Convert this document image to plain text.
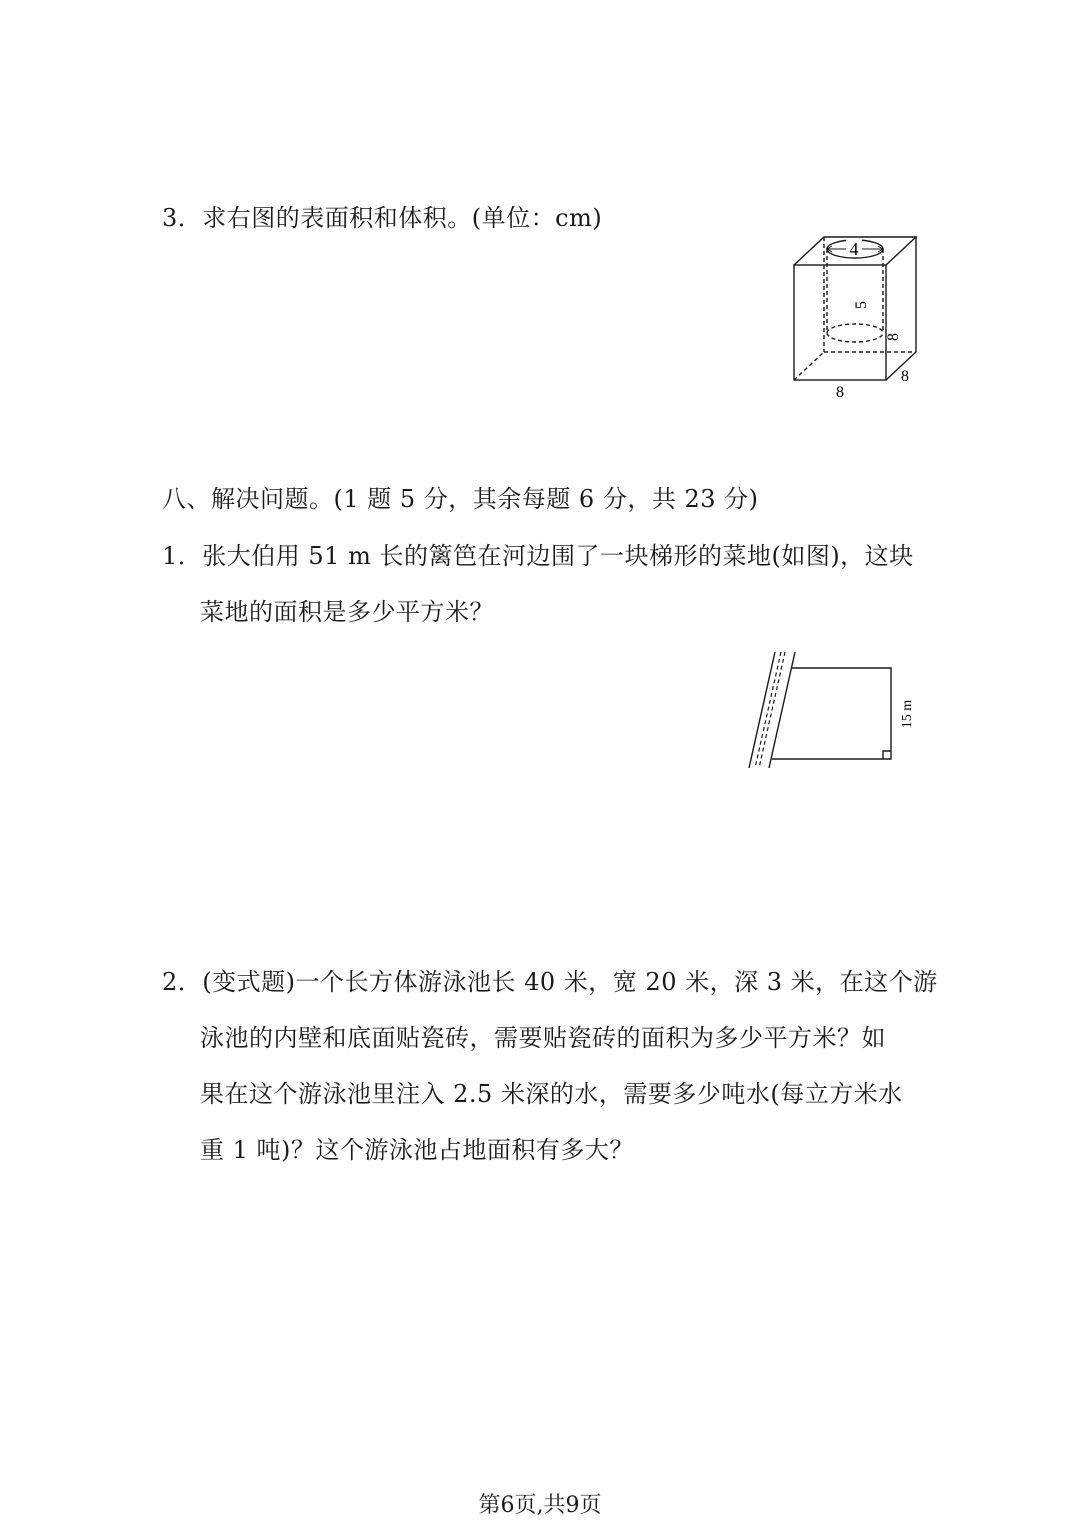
3．求右图的表面积和体积。(单位：cm)
4
5
8
8
8
八、解决问题。(1 题 5 分，其余每题 6 分，共 23 分)
1．张大伯用 51 m 长的篱笆在河边围了一块梯形的菜地(如图)，这块
菜地的面积是多少平方米？
15 m
2．(变式题)一个长方体游泳池长 40 米，宽 20 米，深 3 米，在这个游
泳池的内壁和底面贴瓷砖，需要贴瓷砖的面积为多少平方米？如
果在这个游泳池里注入 2.5 米深的水，需要多少吨水(每立方米水
重 1 吨)？这个游泳池占地面积有多大？
第6页,共9页
